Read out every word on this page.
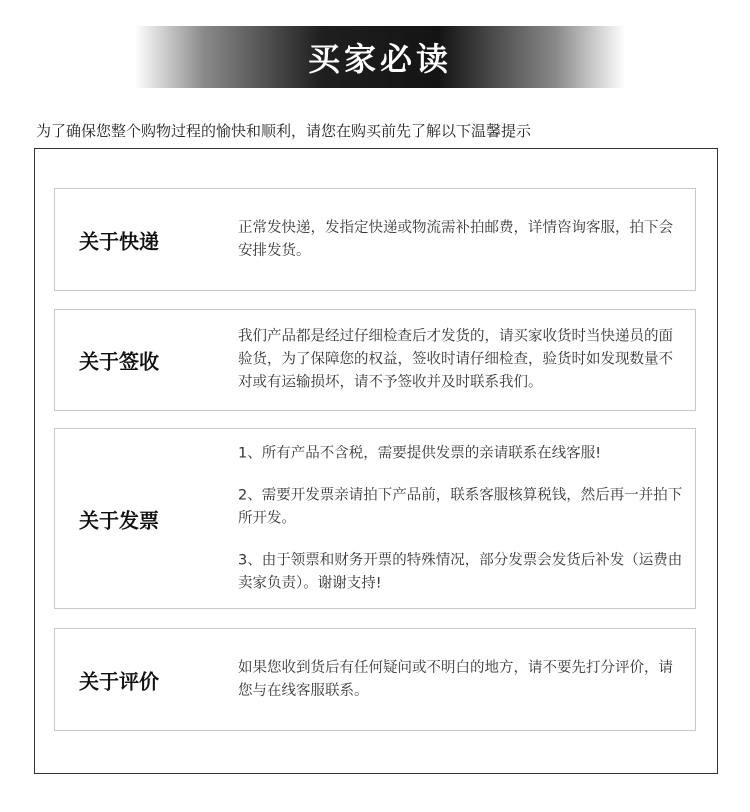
买家必读
为了确保您整个购物过程的愉快和顺利，请您在购买前先了解以下温馨提示
关于快递

正常发快递，发指定快递或物流需补拍邮费，详情咨询客服，拍下会安排发货。

关于签收

我们产品都是经过仔细检查后才发货的，请买家收货时当快递员的面验货，为了保障您的权益，签收时请仔细检查，验货时如发现数量不对或有运输损坏，请不予签收并及时联系我们。

关于发票

1、所有产品不含税，需要提供发票的亲请联系在线客服!

2、需要开发票亲请拍下产品前，联系客服核算税钱，然后再一并拍下所开发。

3、由于领票和财务开票的特殊情况，部分发票会发货后补发（运费由卖家负责）。谢谢支持!

关于评价

如果您收到货后有任何疑问或不明白的地方，请不要先打分评价，请您与在线客服联系。
